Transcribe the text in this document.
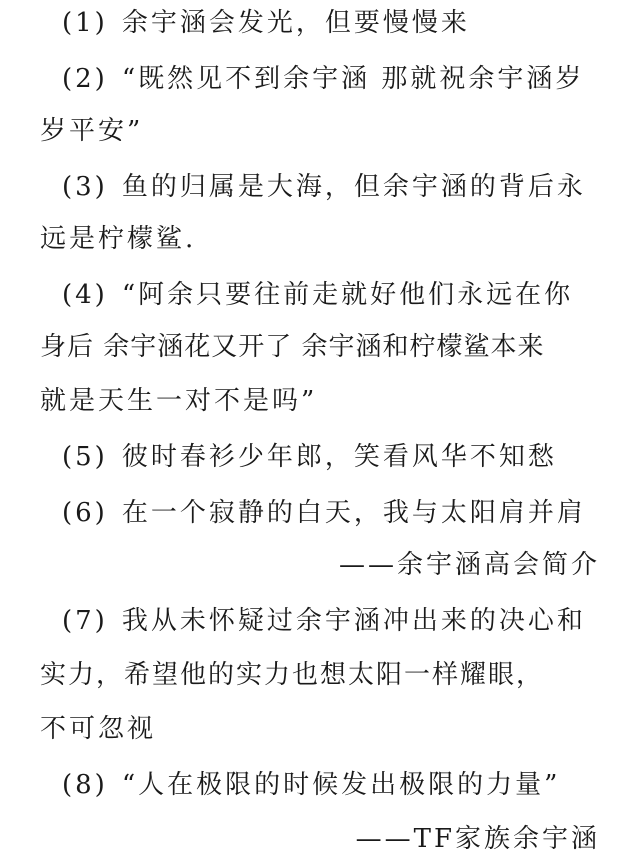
(1) 余宇涵会发光，但要慢慢来
(2) “既然见不到余宇涵 那就祝余宇涵岁
岁平安”
(3) 鱼的归属是大海，但余宇涵的背后永
远是柠檬鲨.
(4) “阿余只要往前走就好他们永远在你
身后 余宇涵花又开了 余宇涵和柠檬鲨本来
就是天生一对不是吗”
(5) 彼时春衫少年郎，笑看风华不知愁
(6) 在一个寂静的白天，我与太阳肩并肩
——余宇涵高会简介
(7) 我从未怀疑过余宇涵冲出来的决心和
实力，希望他的实力也想太阳一样耀眼，
不可忽视
(8) “人在极限的时候发出极限的力量”
——TF家族余宇涵
